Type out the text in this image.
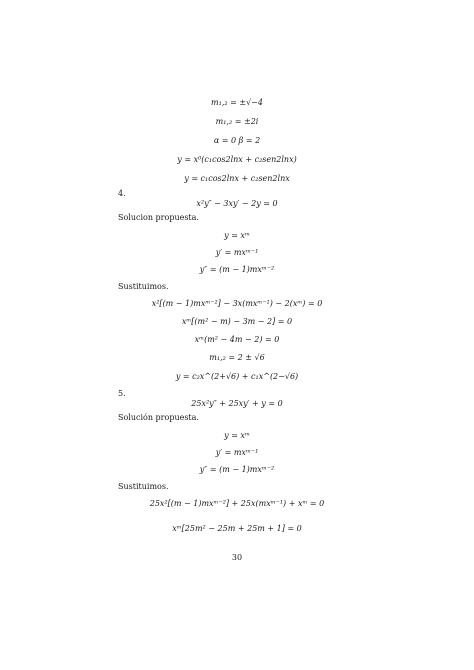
m₁,₂ = ±√−4
m₁,₂ = ±2i
α = 0 β = 2
y = x⁰(c₁cos2lnx + c₂sen2lnx)
y = c₁cos2lnx + c₂sen2lnx
4.
x²y″ − 3xy′ − 2y = 0
Solucion propuesta.
y = xᵐ
y′ = mxᵐ⁻¹
y″ = (m − 1)mxᵐ⁻²
Sustituimos.
x²[(m − 1)mxᵐ⁻²] − 3x(mxᵐ⁻¹) − 2(xᵐ) = 0
xᵐ[(m² − m) − 3m − 2] = 0
xᵐ(m² − 4m − 2) = 0
m₁,₂ = 2 ± √6
y = c₂x^(2+√6) + c₁x^(2−√6)
5.
25x²y″ + 25xy′ + y = 0
Solución propuesta.
y = xᵐ
y′ = mxᵐ⁻¹
y″ = (m − 1)mxᵐ⁻²
Sustituimos.
25x²[(m − 1)mxᵐ⁻²] + 25x(mxᵐ⁻¹) + xᵐ = 0
xᵐ[25m² − 25m + 25m + 1] = 0
30
